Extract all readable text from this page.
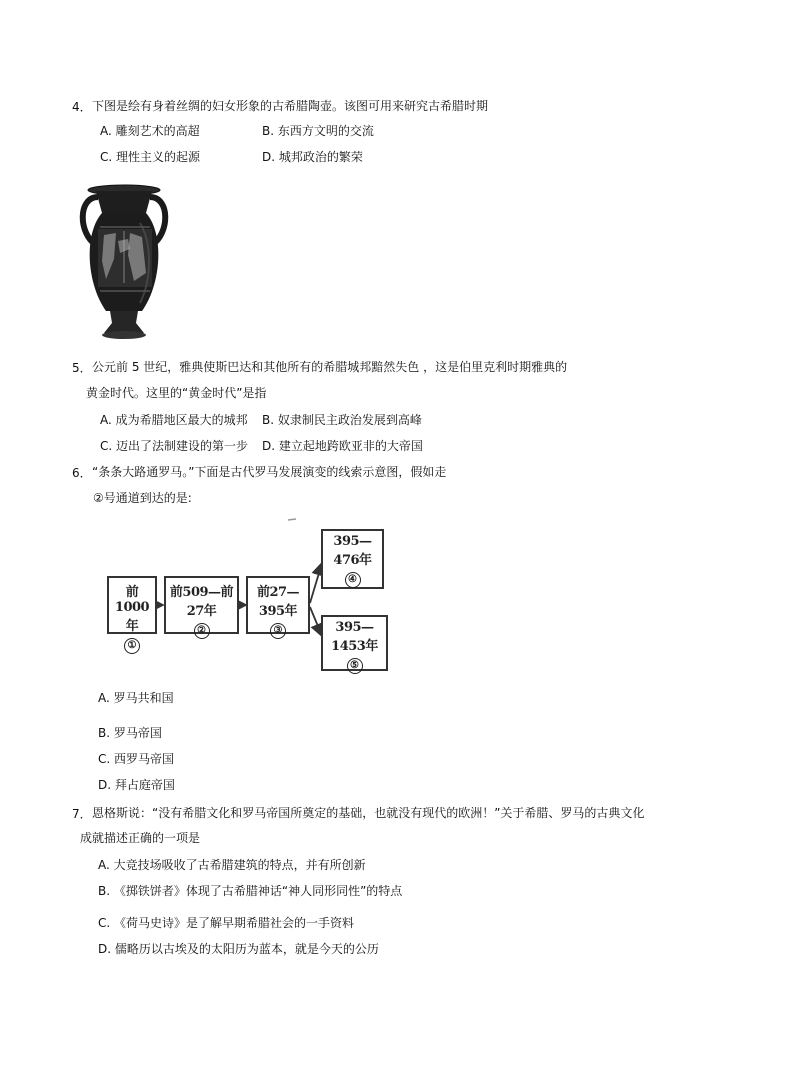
4． 下图是绘有身着丝绸的妇女形象的古希腊陶壶。该图可用来研究古希腊时期
A. 雕刻艺术的高超	B. 东西方文明的交流
C. 理性主义的起源	D. 城邦政治的繁荣
5． 公元前 5 世纪，雅典使斯巴达和其他所有的希腊城邦黯然失色 ，这是伯里克利时期雅典的
黄金时代。这里的“黄金时代”是指
A. 成为希腊地区最大的城邦 B. 奴隶制民主政治发展到高峰
C. 迈出了法制建设的第一步 D. 建立起地跨欧亚非的大帝国
6． “条条大路通罗马。”下面是古代罗马发展演变的线索示意图，假如走
②号通道到达的是:
前1000年
①
前509—前27年
②
前27—395年
③
395—476年
④
395—1453年
⑤
A. 罗马共和国
B. 罗马帝国
C. 西罗马帝国
D. 拜占庭帝国
7． 恩格斯说：“没有希腊文化和罗马帝国所奠定的基础，也就没有现代的欧洲！”关于希腊、罗马的古典文化
成就描述正确的一项是
A. 大竞技场吸收了古希腊建筑的特点，并有所创新
B. 《掷铁饼者》体现了古希腊神话“神人同形同性”的特点
C. 《荷马史诗》是了解早期希腊社会的一手资料
D. 儒略历以古埃及的太阳历为蓝本，就是今天的公历
